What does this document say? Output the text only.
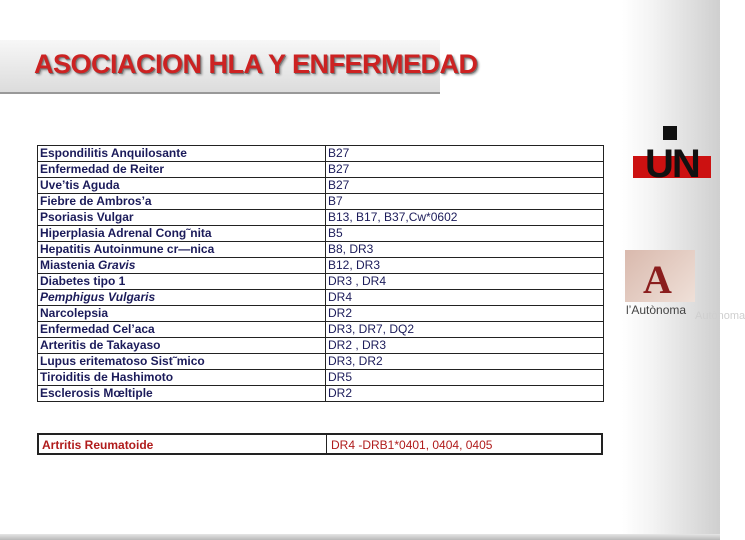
ASOCIACION HLA Y ENFERMEDAD
Espondilitis Anquilosante	B27
Enfermedad de Reiter	B27
Uve’tis Aguda	B27
Fiebre de Ambros’a	B7
Psoriasis Vulgar	B13, B17, B37,Cw*0602
Hiperplasia Adrenal Cong˜nita	B5
Hepatitis Autoinmune cr—nica	B8, DR3
Miastenia Gravis	B12, DR3
Diabetes tipo 1	DR3 , DR4
Pemphigus Vulgaris	DR4
Narcolepsia	DR2
Enfermedad Cel’aca	DR3, DR7, DQ2
Arteritis de Takayaso	DR2 , DR3
Lupus eritematoso Sist˜mico	DR3, DR2
Tiroiditis de Hashimoto	DR5
Esclerosis Mœltiple	DR2
Artritis Reumatoide	DR4 -DRB1*0401, 0404, 0405
UN
A
l’Autònoma Autònoma
